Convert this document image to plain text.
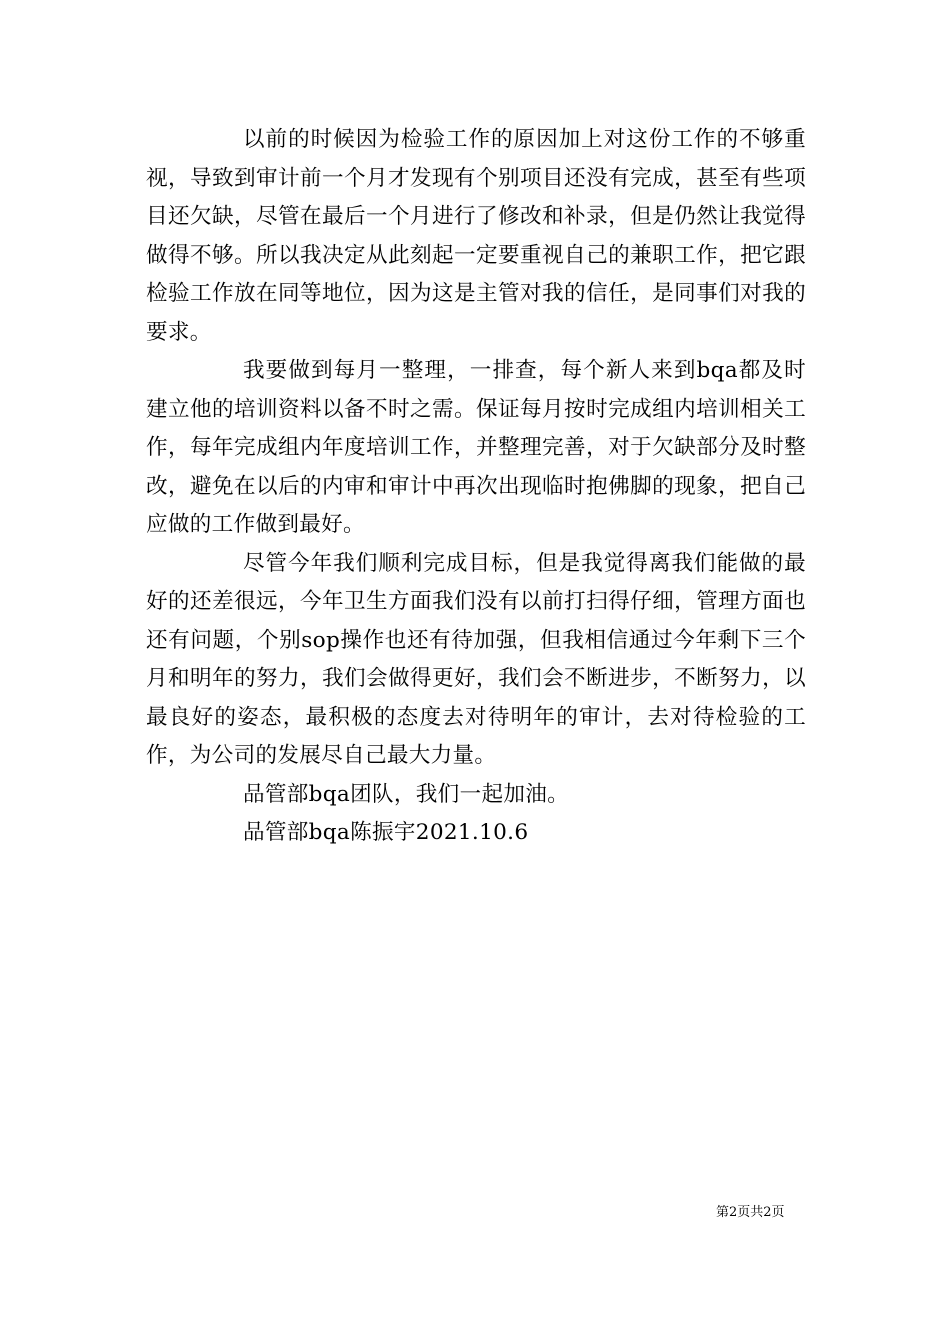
以前的时候因为检验工作的原因加上对这份工作的不够重视，导致到审计前一个月才发现有个别项目还没有完成，甚至有些项目还欠缺，尽管在最后一个月进行了修改和补录，但是仍然让我觉得做得不够。所以我决定从此刻起一定要重视自己的兼职工作，把它跟检验工作放在同等地位，因为这是主管对我的信任，是同事们对我的要求。

我要做到每月一整理，一排查，每个新人来到bqa都及时建立他的培训资料以备不时之需。保证每月按时完成组内培训相关工作，每年完成组内年度培训工作，并整理完善，对于欠缺部分及时整改，避免在以后的内审和审计中再次出现临时抱佛脚的现象，把自己应做的工作做到最好。

尽管今年我们顺利完成目标，但是我觉得离我们能做的最好的还差很远，今年卫生方面我们没有以前打扫得仔细，管理方面也还有问题，个别sop操作也还有待加强，但我相信通过今年剩下三个月和明年的努力，我们会做得更好，我们会不断进步，不断努力，以最良好的姿态，最积极的态度去对待明年的审计，去对待检验的工作，为公司的发展尽自己最大力量。

品管部bqa团队，我们一起加油。

品管部bqa陈振宇2021.10.6

第2页共2页
